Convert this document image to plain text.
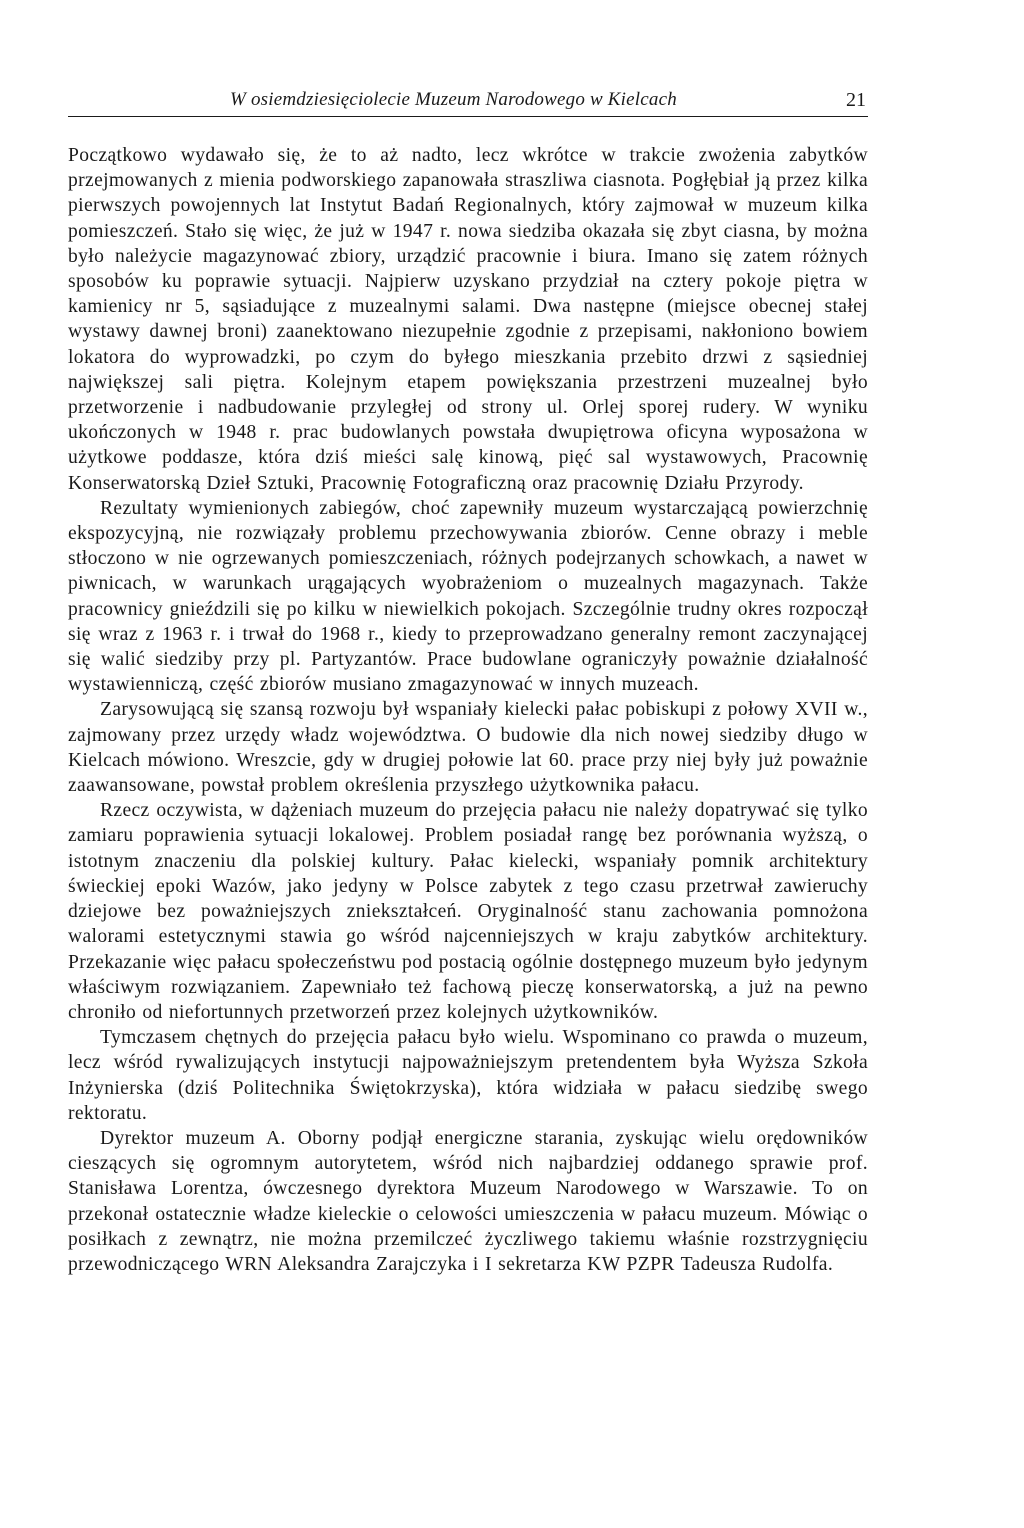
W osiemdziesięciolecie Muzeum Narodowego w Kielcach	21

Początkowo wydawało się, że to aż nadto, lecz wkrótce w trakcie zwożenia zabytków przejmowanych z mienia podworskiego zapanowała straszliwa ciasnota. Pogłębiał ją przez kilka pierwszych powojennych lat Instytut Badań Regionalnych, który zajmował w muzeum kilka pomieszczeń. Stało się więc, że już w 1947 r. nowa siedziba okazała się zbyt ciasna, by można było należycie magazynować zbiory, urządzić pracownie i biura. Imano się zatem różnych sposobów ku poprawie sytuacji. Najpierw uzyskano przydział na cztery pokoje piętra w kamienicy nr 5, sąsiadujące z muzealnymi salami. Dwa następne (miejsce obecnej stałej wystawy dawnej broni) zaanektowano niezupełnie zgodnie z przepisami, nakłoniono bowiem lokatora do wyprowadzki, po czym do byłego mieszkania przebito drzwi z sąsiedniej największej sali piętra. Kolejnym etapem powiększania przestrzeni muzealnej było przetworzenie i nadbudowanie przyległej od strony ul. Orlej sporej rudery. W wyniku ukończonych w 1948 r. prac budowlanych powstała dwupiętrowa oficyna wyposażona w użytkowe poddasze, która dziś mieści salę kinową, pięć sal wystawowych, Pracownię Konserwatorską Dzieł Sztuki, Pracownię Fotograficzną oraz pracownię Działu Przyrody.

Rezultaty wymienionych zabiegów, choć zapewniły muzeum wystarczającą powierzchnię ekspozycyjną, nie rozwiązały problemu przechowywania zbiorów. Cenne obrazy i meble stłoczono w nie ogrzewanych pomieszczeniach, różnych podejrzanych schowkach, a nawet w piwnicach, w warunkach urągających wyobrażeniom o muzealnych magazynach. Także pracownicy gnieździli się po kilku w niewielkich pokojach. Szczególnie trudny okres rozpoczął się wraz z 1963 r. i trwał do 1968 r., kiedy to przeprowadzano generalny remont zaczynającej się walić siedziby przy pl. Partyzantów. Prace budowlane ograniczyły poważnie działalność wystawienniczą, część zbiorów musiano zmagazynować w innych muzeach.

Zarysowującą się szansą rozwoju był wspaniały kielecki pałac pobiskupi z połowy XVII w., zajmowany przez urzędy władz województwa. O budowie dla nich nowej siedziby długo w Kielcach mówiono. Wreszcie, gdy w drugiej połowie lat 60. prace przy niej były już poważnie zaawansowane, powstał problem określenia przyszłego użytkownika pałacu.

Rzecz oczywista, w dążeniach muzeum do przejęcia pałacu nie należy dopatrywać się tylko zamiaru poprawienia sytuacji lokalowej. Problem posiadał rangę bez porównania wyższą, o istotnym znaczeniu dla polskiej kultury. Pałac kielecki, wspaniały pomnik architektury świeckiej epoki Wazów, jako jedyny w Polsce zabytek z tego czasu przetrwał zawieruchy dziejowe bez poważniejszych zniekształceń. Oryginalność stanu zachowania pomnożona walorami estetycznymi stawia go wśród najcenniejszych w kraju zabytków architektury. Przekazanie więc pałacu społeczeństwu pod postacią ogólnie dostępnego muzeum było jedynym właściwym rozwiązaniem. Zapewniało też fachową pieczę konserwatorską, a już na pewno chroniło od niefortunnych przetworzeń przez kolejnych użytkowników.

Tymczasem chętnych do przejęcia pałacu było wielu. Wspominano co prawda o muzeum, lecz wśród rywalizujących instytucji najpoważniejszym pretendentem była Wyższa Szkoła Inżynierska (dziś Politechnika Świętokrzyska), która widziała w pałacu siedzibę swego rektoratu.

Dyrektor muzeum A. Oborny podjął energiczne starania, zyskując wielu orędowników cieszących się ogromnym autorytetem, wśród nich najbardziej oddanego sprawie prof. Stanisława Lorentza, ówczesnego dyrektora Muzeum Narodowego w Warszawie. To on przekonał ostatecznie władze kieleckie o celowości umieszczenia w pałacu muzeum. Mówiąc o posiłkach z zewnątrz, nie można przemilczeć życzliwego takiemu właśnie rozstrzygnięciu przewodniczącego WRN Aleksandra Zarajczyka i I sekretarza KW PZPR Tadeusza Rudolfa.
